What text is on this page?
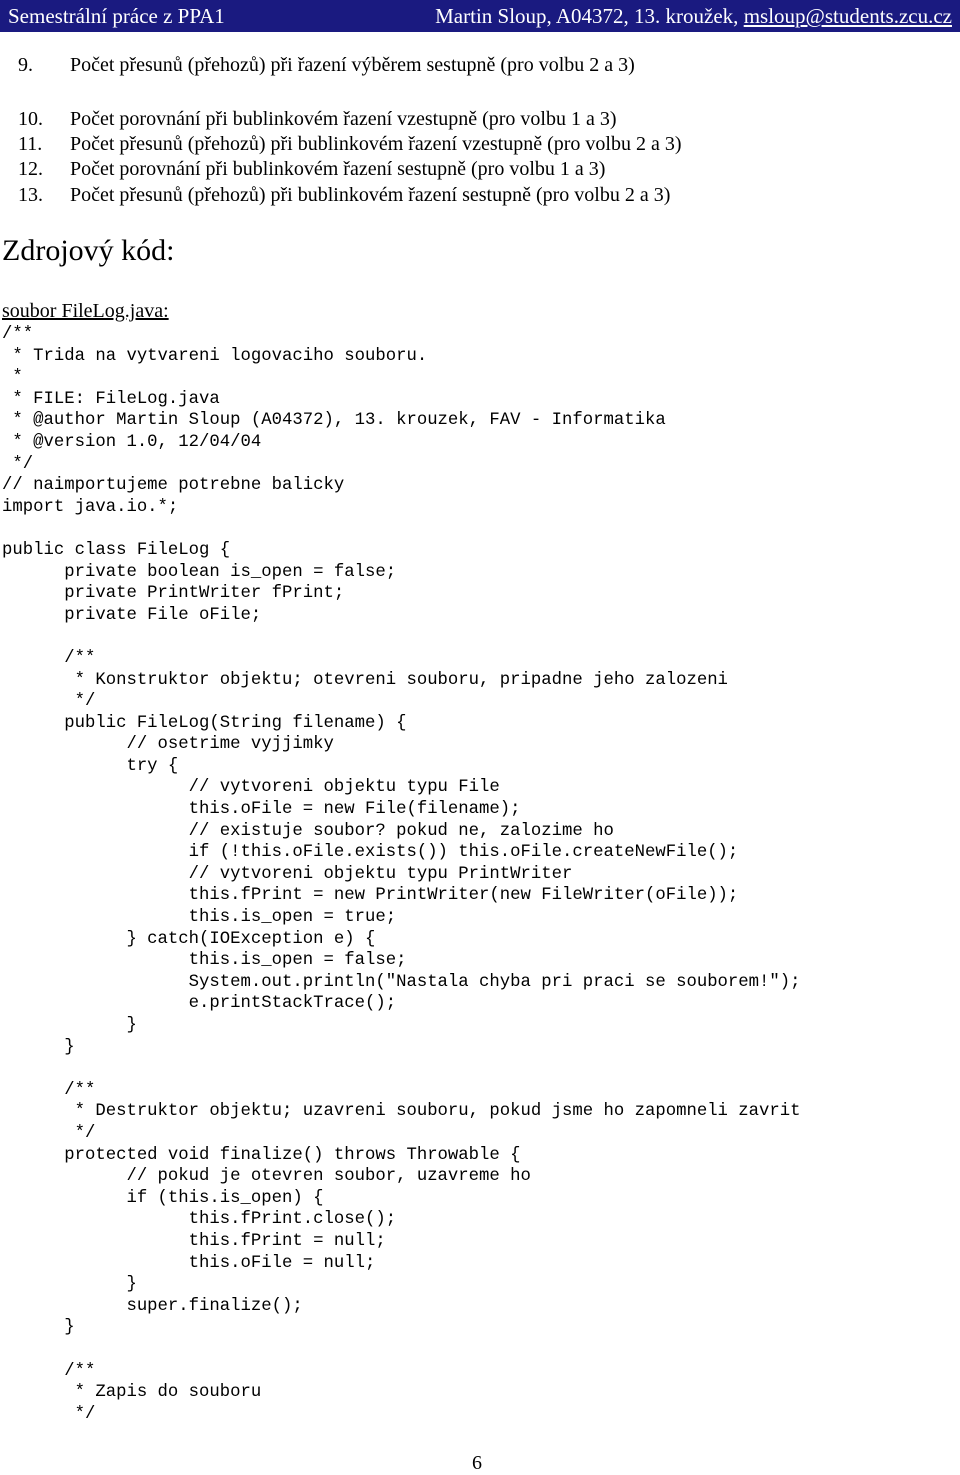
Semestrální práce z PPA1	Martin Sloup, A04372, 13. kroužek, msloup@students.zcu.cz
9. Počet přesunů (přehozů) při řazení výběrem sestupně (pro volbu 2 a 3)
10. Počet porovnání při bublinkovém řazení vzestupně (pro volbu 1 a 3)
11. Počet přesunů (přehozů) při bublinkovém řazení vzestupně (pro volbu 2 a 3)
12. Počet porovnání při bublinkovém řazení sestupně (pro volbu 1 a 3)
13. Počet přesunů (přehozů) při bublinkovém řazení sestupně (pro volbu 2 a 3)
Zdrojový kód:
soubor FileLog.java:
/**
* Trida na vytvareni logovaciho souboru.
*
* FILE: FileLog.java
* @author Martin Sloup (A04372), 13. krouzek, FAV - Informatika
* @version 1.0, 12/04/04
*/
// naimportujeme potrebne balicky
import java.io.*;

public class FileLog {
private boolean is_open = false;
private PrintWriter fPrint;
private File oFile;

/**
* Konstruktor objektu; otevreni souboru, pripadne jeho zalozeni
*/
public FileLog(String filename) {
// osetrime vyjjimky
try {
// vytvoreni objektu typu File
this.oFile = new File(filename);
// existuje soubor? pokud ne, zalozime ho
if (!this.oFile.exists()) this.oFile.createNewFile();
// vytvoreni objektu typu PrintWriter
this.fPrint = new PrintWriter(new FileWriter(oFile));
this.is_open = true;
} catch(IOException e) {
this.is_open = false;
System.out.println("Nastala chyba pri praci se souborem!");
e.printStackTrace();
}
}

/**
* Destruktor objektu; uzavreni souboru, pokud jsme ho zapomneli zavrit
*/
protected void finalize() throws Throwable {
// pokud je otevren soubor, uzavreme ho
if (this.is_open) {
this.fPrint.close();
this.fPrint = null;
this.oFile = null;
}
super.finalize();
}

/**
* Zapis do souboru
*/
6
